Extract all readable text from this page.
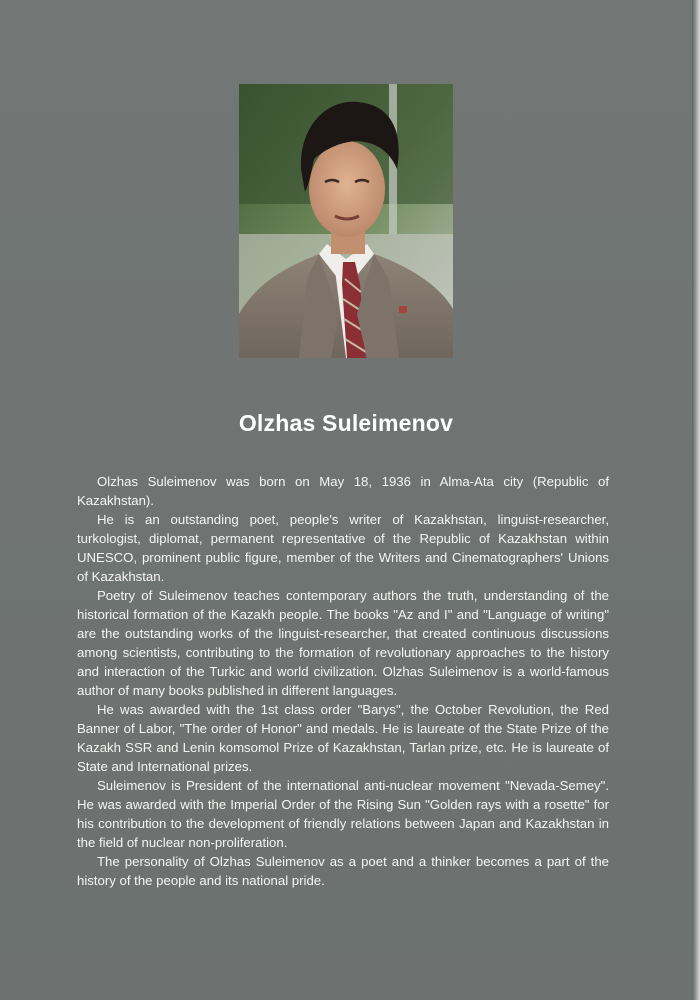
Olzhas Suleimenov

Olzhas Suleimenov was born on May 18, 1936 in Alma-Ata city (Republic of Kazakhstan).

He is an outstanding poet, people's writer of Kazakhstan, linguist-researcher, turkologist, diplomat, permanent representative of the Republic of Kazakhstan within UNESCO, prominent public figure, member of the Writers and Cinematographers' Unions of Kazakhstan.

Poetry of Suleimenov teaches contemporary authors the truth, understanding of the historical formation of the Kazakh people. The books "Az and I" and "Language of writing" are the outstanding works of the linguist-researcher, that created continuous discussions among scientists, contributing to the formation of revolutionary approaches to the history and interaction of the Turkic and world civilization. Olzhas Suleimenov is a world-famous author of many books published in different languages.

He was awarded with the 1st class order "Barys", the October Revolution, the Red Banner of Labor, "The order of Honor" and medals. He is laureate of the State Prize of the Kazakh SSR and Lenin komsomol Prize of Kazakhstan, Tarlan prize, etc. He is laureate of State and International prizes.

Suleimenov is President of the international anti-nuclear movement "Nevada-Semey". He was awarded with the Imperial Order of the Rising Sun "Golden rays with a rosette" for his contribution to the development of friendly relations between Japan and Kazakhstan in the field of nuclear non-proliferation.

The personality of Olzhas Suleimenov as a poet and a thinker becomes a part of the history of the people and its national pride.
